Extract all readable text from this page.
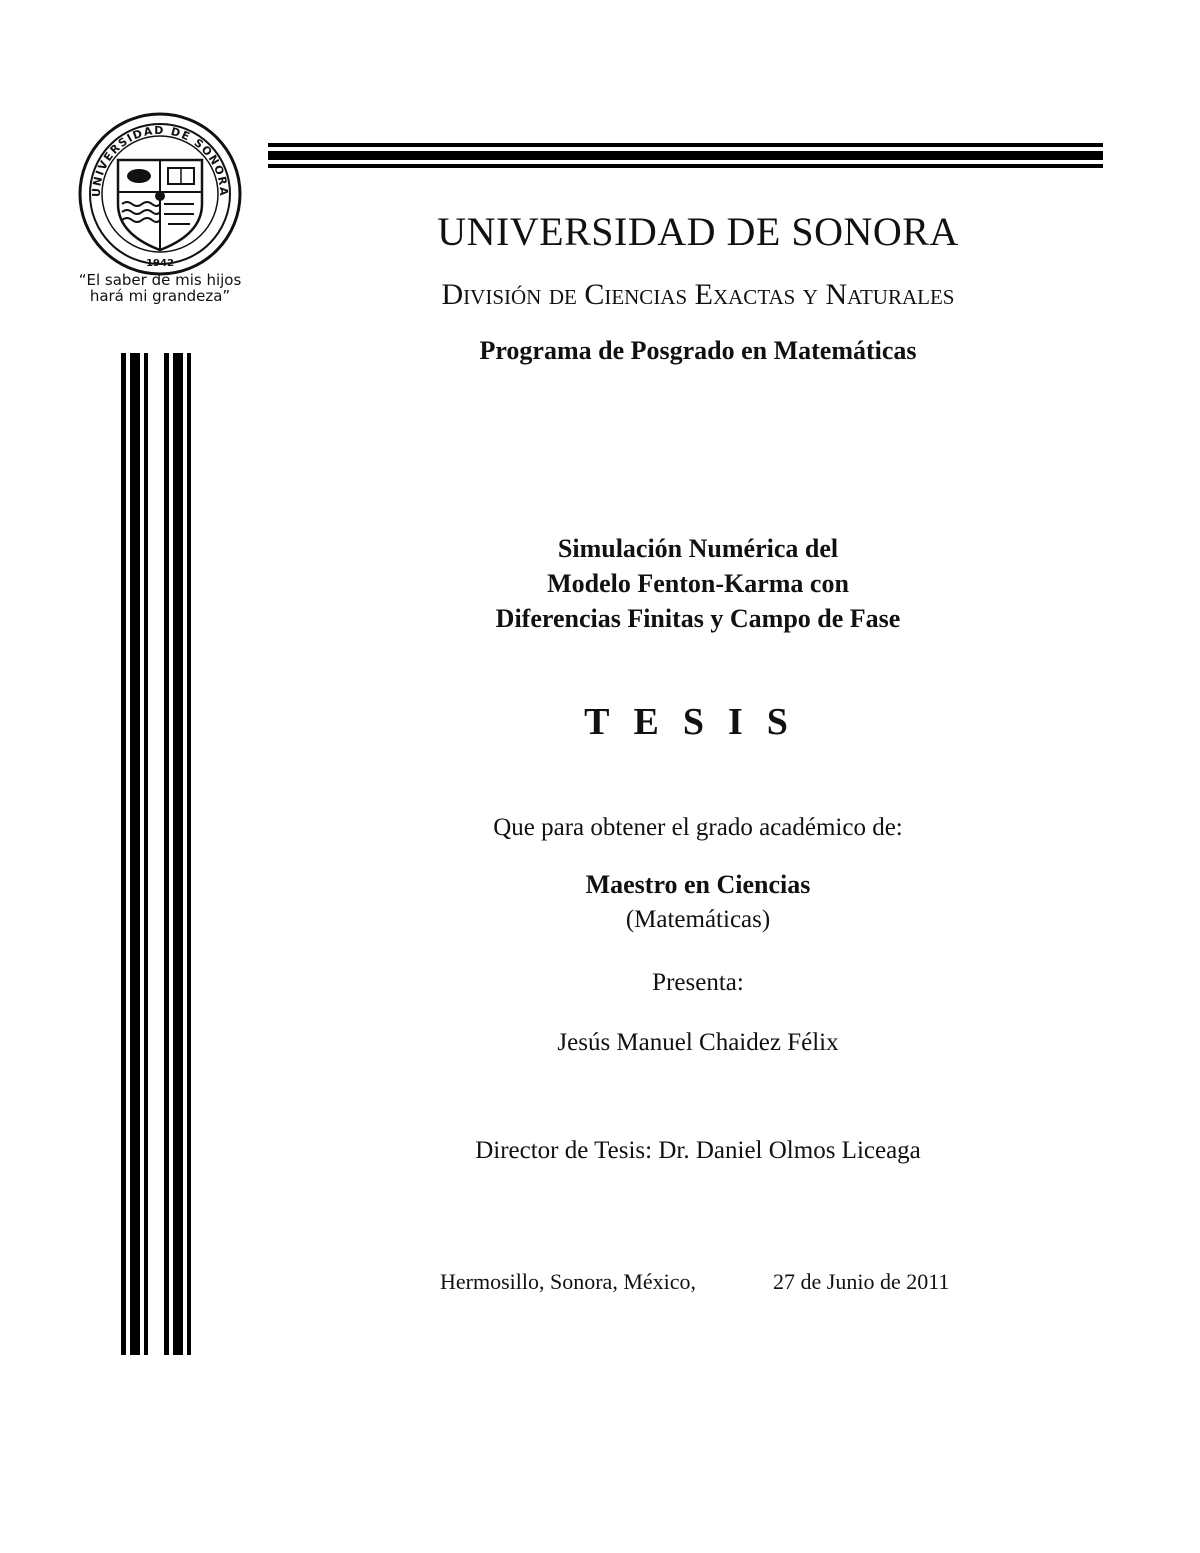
UNIVERSIDAD DE SONORA
1942
“El saber de mis hijos
hará mi grandeza”
UNIVERSIDAD DE SONORA
División de Ciencias Exactas y Naturales
Programa de Posgrado en Matemáticas
Simulación Numérica del
Modelo Fenton-Karma con
Diferencias Finitas y Campo de Fase
TESIS
Que para obtener el grado académico de:
Maestro en Ciencias
(Matemáticas)
Presenta:
Jesús Manuel Chaidez Félix
Director de Tesis: Dr. Daniel Olmos Liceaga
Hermosillo, Sonora, México,	27 de Junio de 2011
